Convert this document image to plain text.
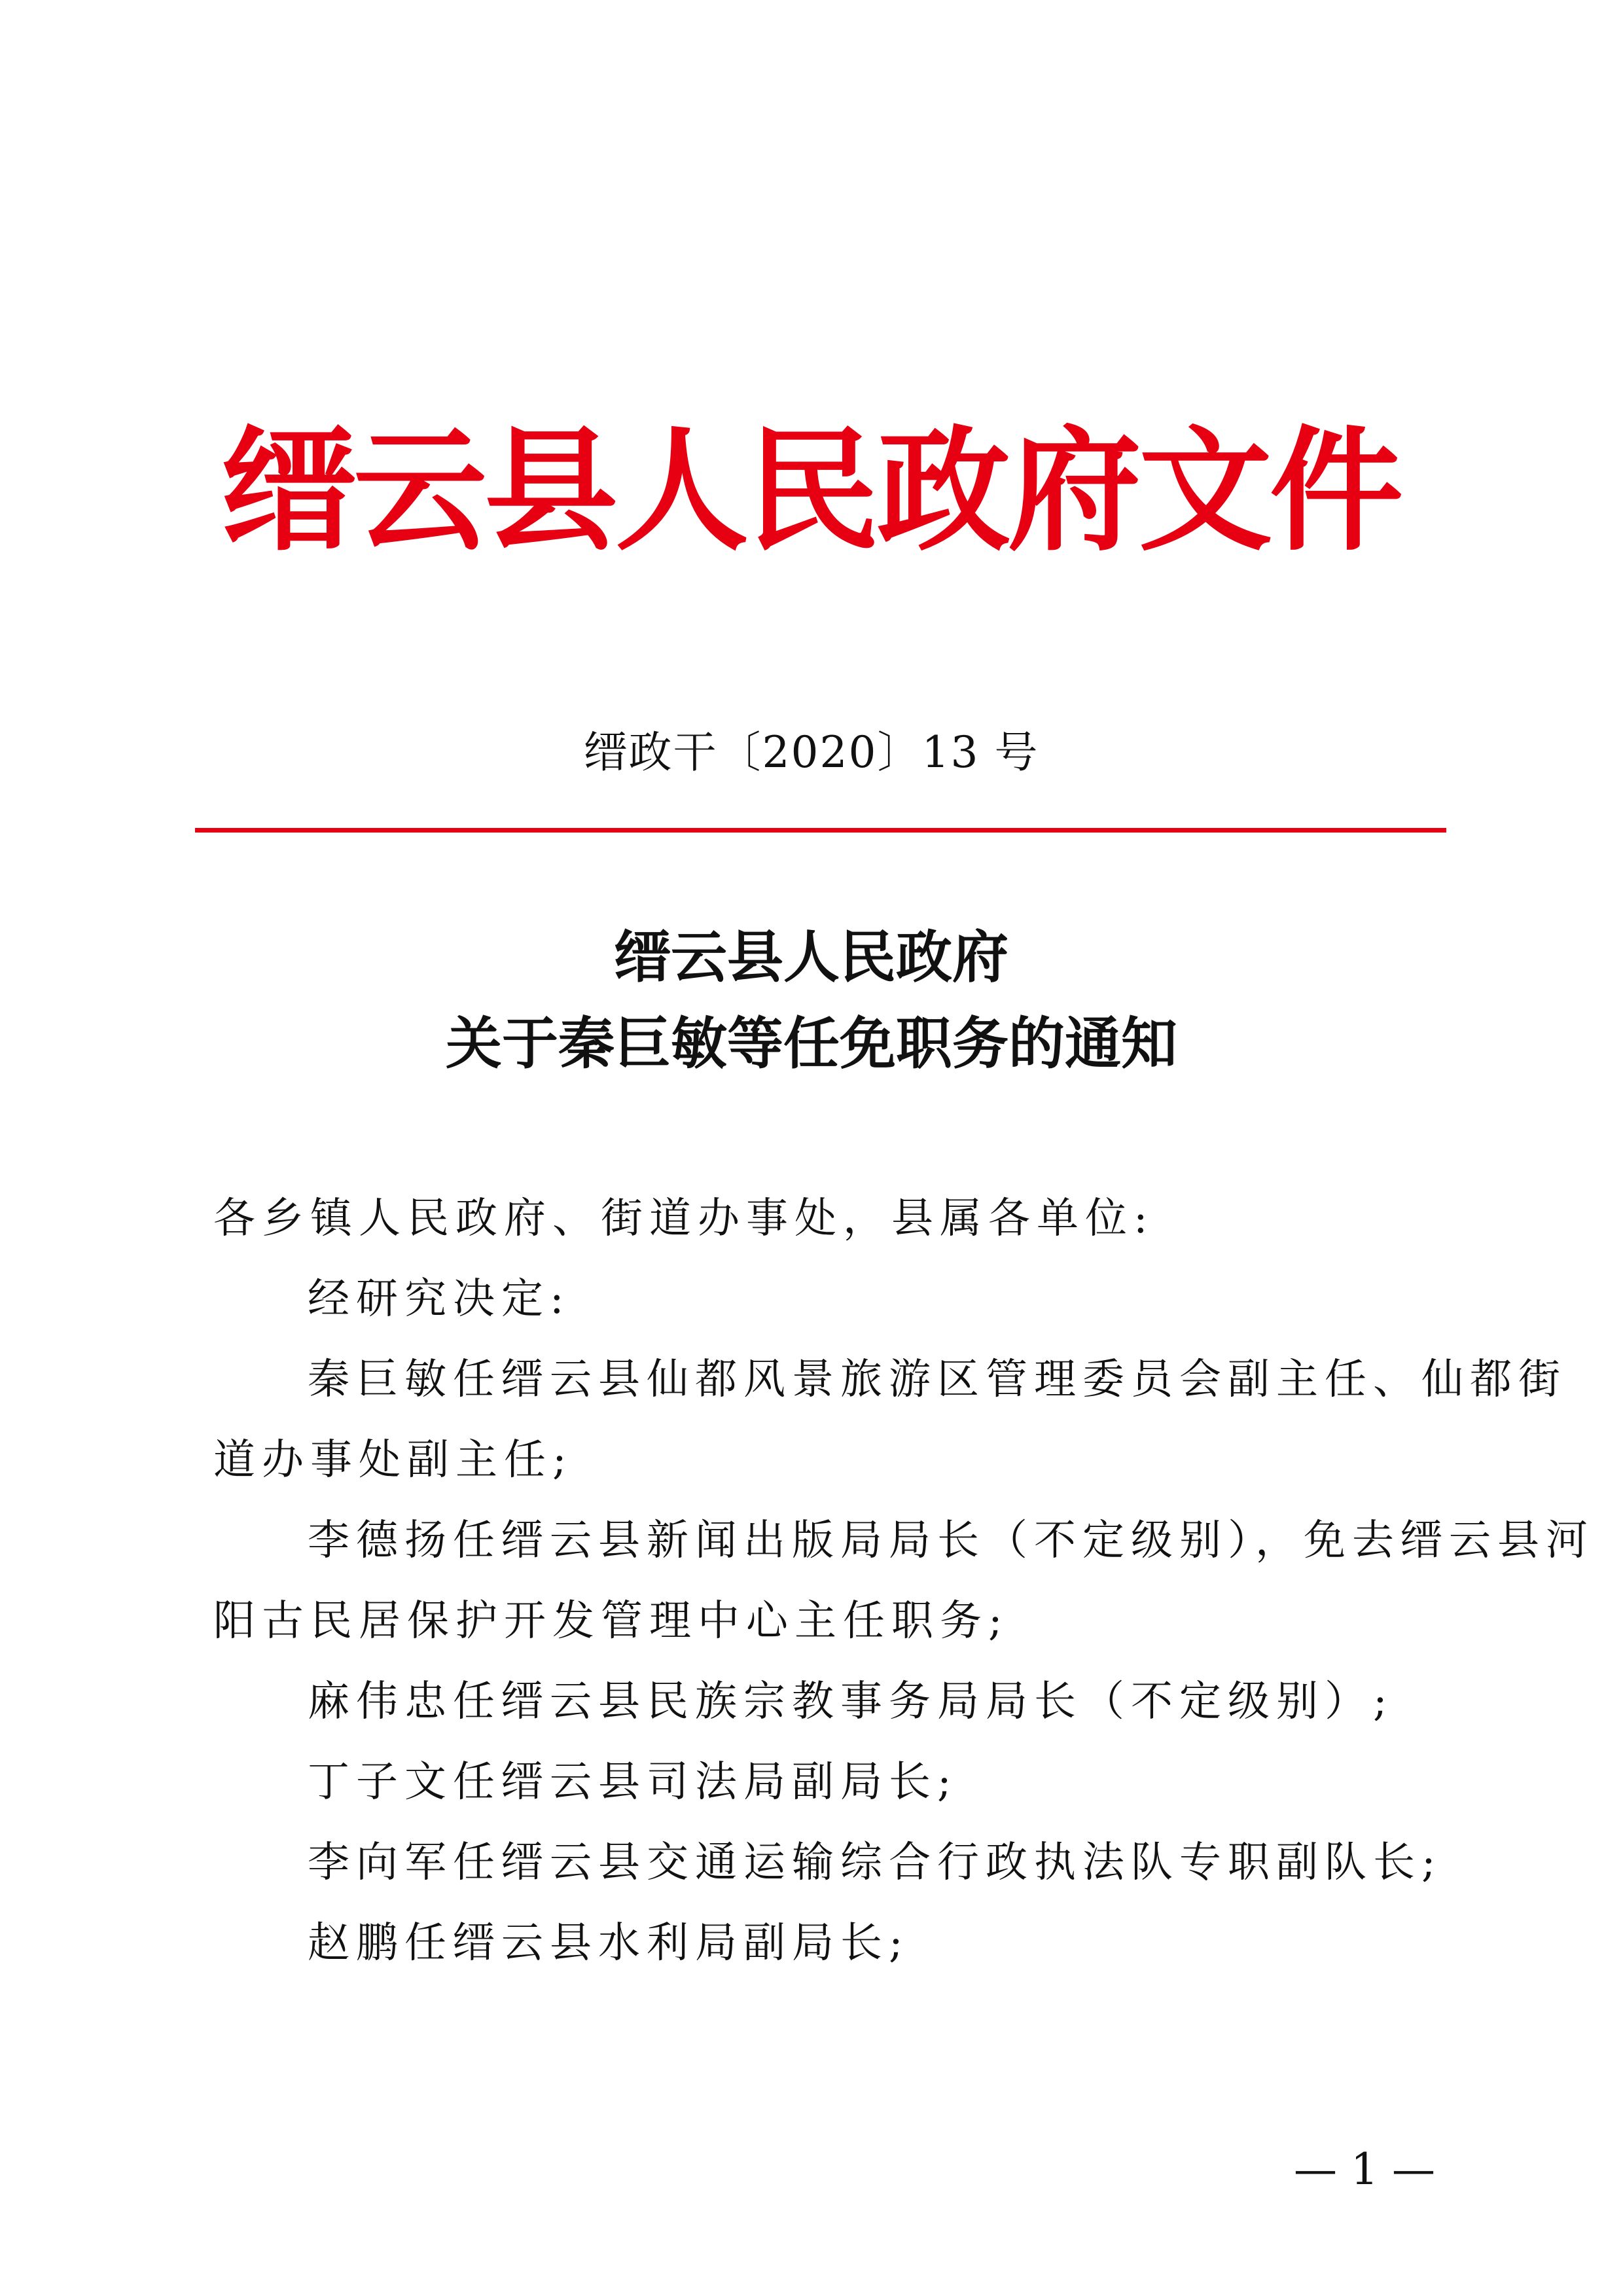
缙云县人民政府文件
缙政干〔2020〕13 号
缙云县人民政府
关于秦巨敏等任免职务的通知
各乡镇人民政府、街道办事处，县属各单位:
经研究决定:
秦巨敏任缙云县仙都风景旅游区管理委员会副主任、仙都街
道办事处副主任;
李德扬任缙云县新闻出版局局长（不定级别），免去缙云县河
阳古民居保护开发管理中心主任职务;
麻伟忠任缙云县民族宗教事务局局长（不定级别）;
丁子文任缙云县司法局副局长;
李向军任缙云县交通运输综合行政执法队专职副队长;
赵鹏任缙云县水利局副局长;
— 1 —
